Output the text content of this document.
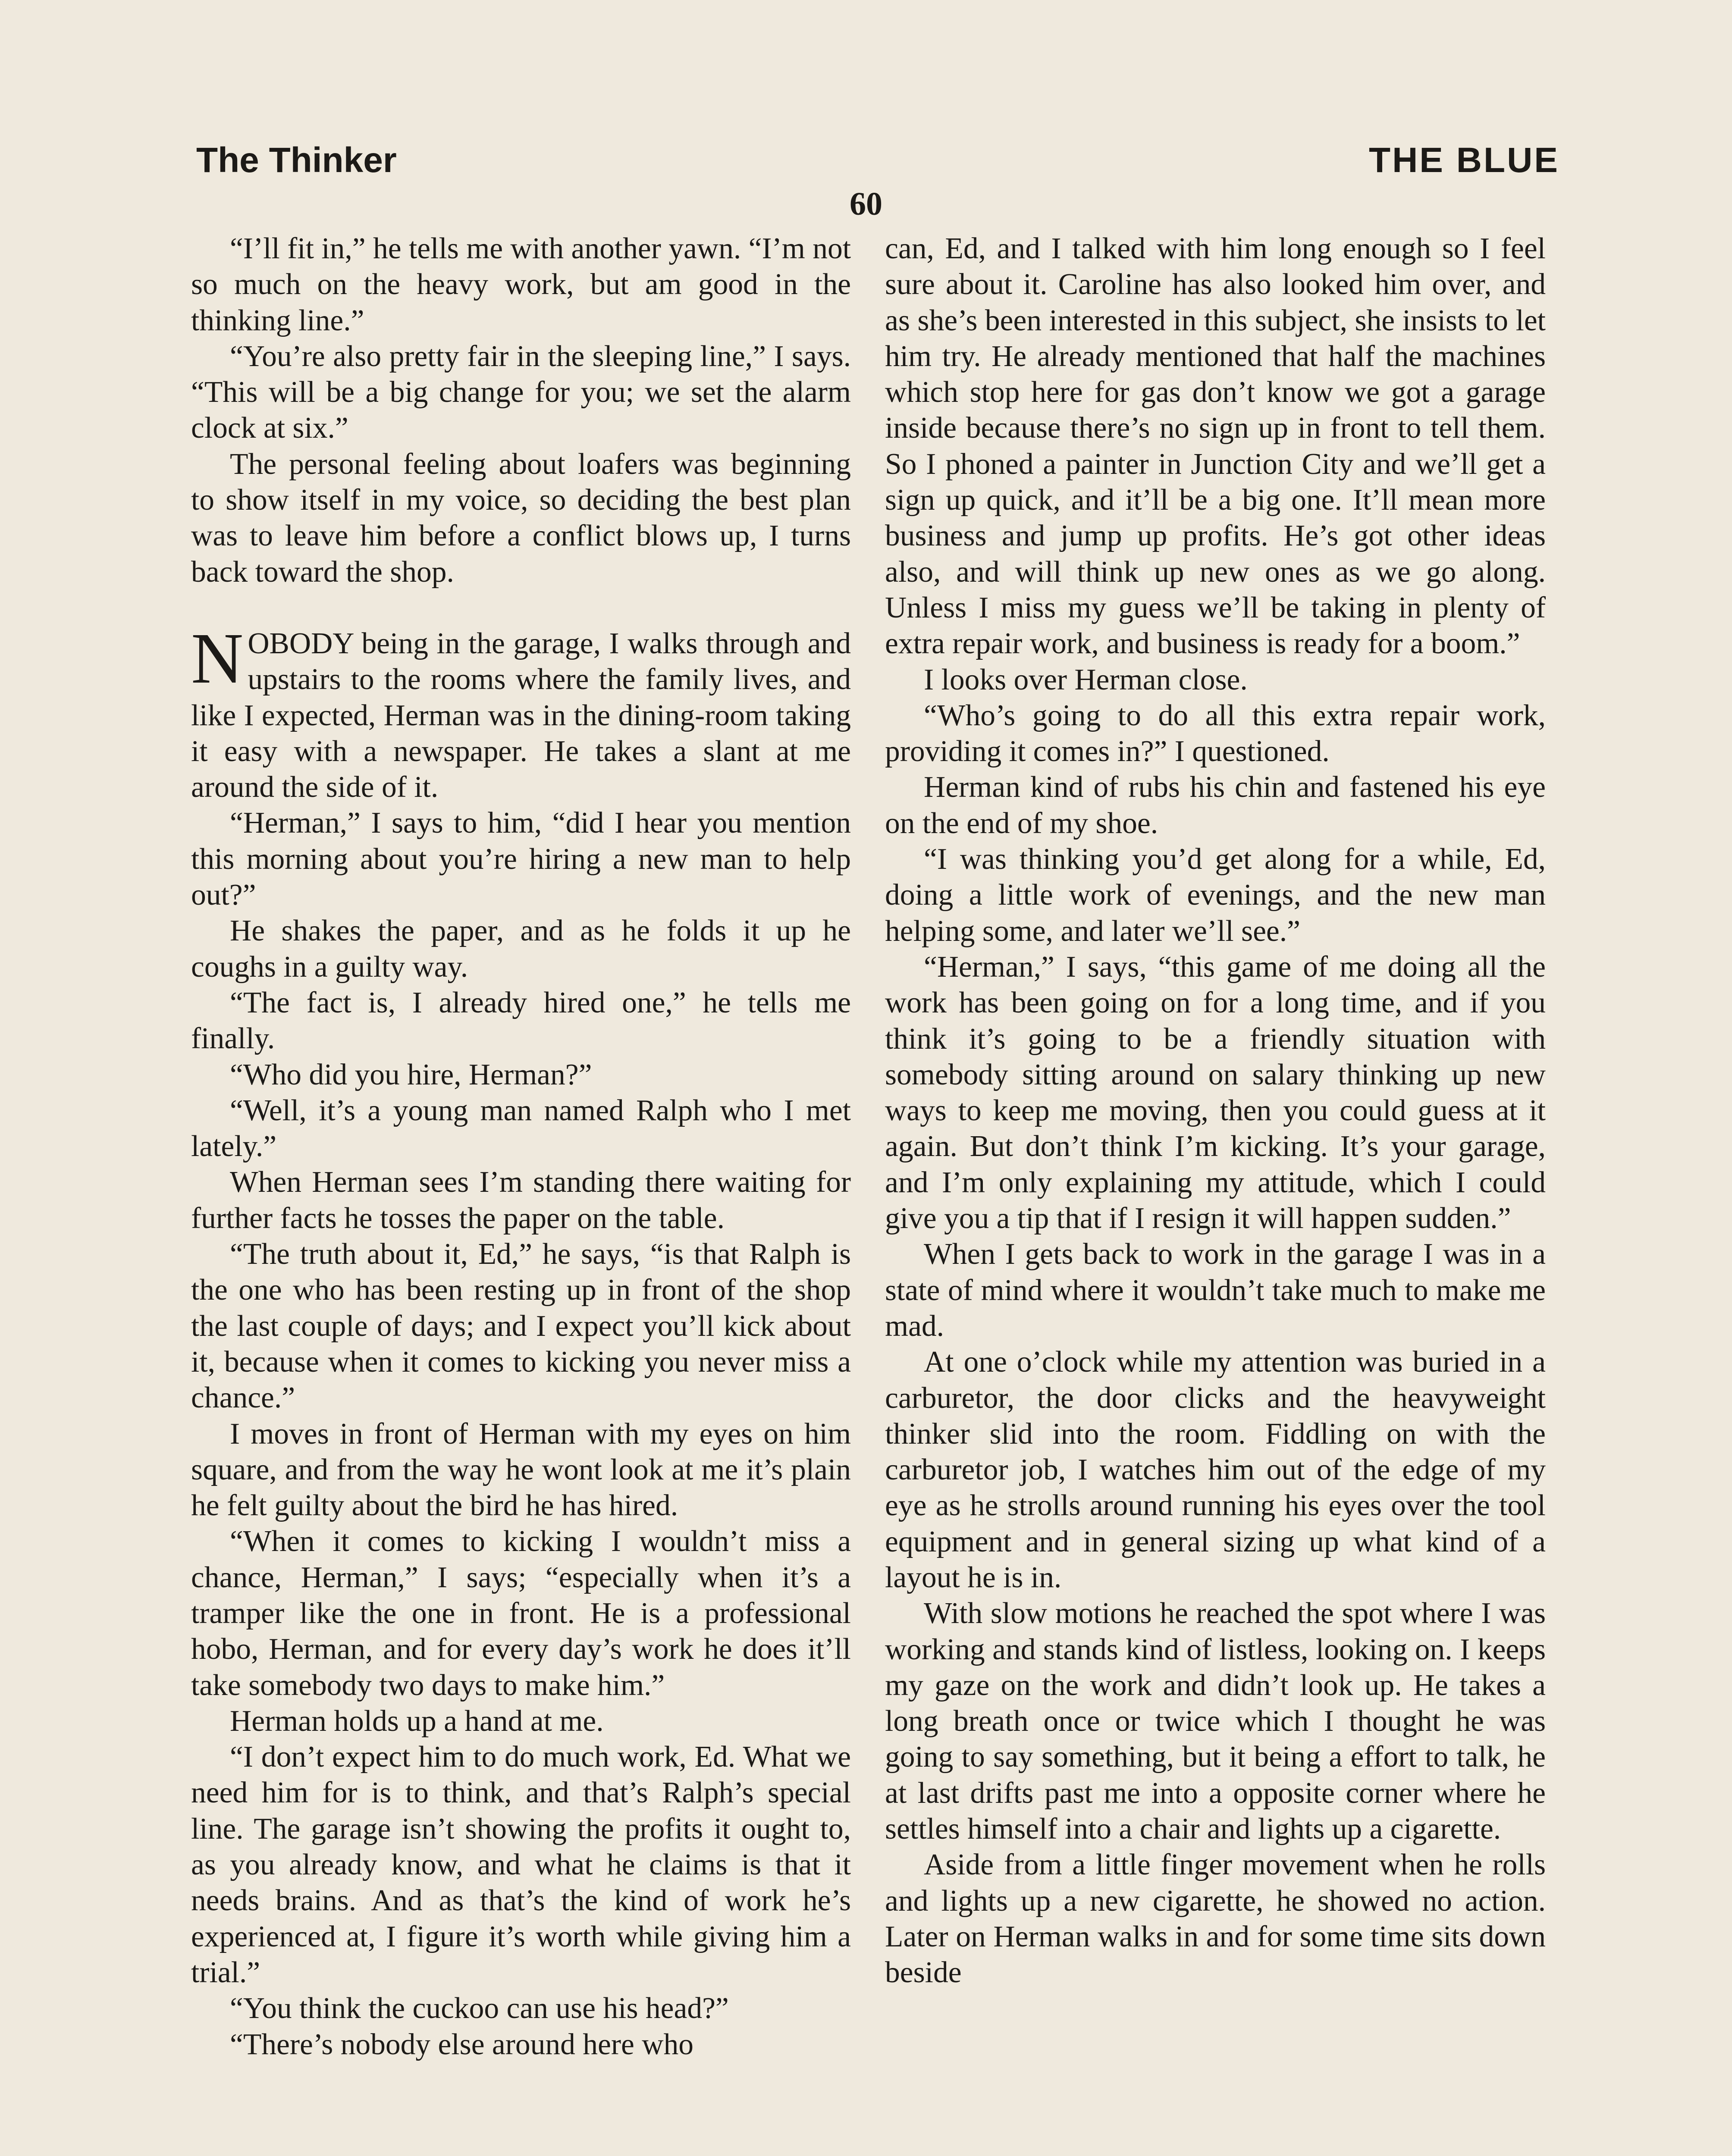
The Thinker	THE BLUE
60

“I’ll fit in,” he tells me with another yawn. “I’m not so much on the heavy work, but am good in the thinking line.”

“You’re also pretty fair in the sleeping line,” I says. “This will be a big change for you; we set the alarm clock at six.”

The personal feeling about loafers was beginning to show itself in my voice, so deciding the best plan was to leave him before a conflict blows up, I turns back toward the shop.

NOBODY being in the garage, I walks through and upstairs to the rooms where the family lives, and like I expected, Herman was in the dining-room taking it easy with a newspaper. He takes a slant at me around the side of it.

“Herman,” I says to him, “did I hear you mention this morning about you’re hiring a new man to help out?”

He shakes the paper, and as he folds it up he coughs in a guilty way.

“The fact is, I already hired one,” he tells me finally.

“Who did you hire, Herman?”

“Well, it’s a young man named Ralph who I met lately.”

When Herman sees I’m standing there waiting for further facts he tosses the paper on the table.

“The truth about it, Ed,” he says, “is that Ralph is the one who has been resting up in front of the shop the last couple of days; and I expect you’ll kick about it, because when it comes to kicking you never miss a chance.”

I moves in front of Herman with my eyes on him square, and from the way he wont look at me it’s plain he felt guilty about the bird he has hired.

“When it comes to kicking I wouldn’t miss a chance, Herman,” I says; “especially when it’s a tramper like the one in front. He is a professional hobo, Herman, and for every day’s work he does it’ll take somebody two days to make him.”

Herman holds up a hand at me.

“I don’t expect him to do much work, Ed. What we need him for is to think, and that’s Ralph’s special line. The garage isn’t showing the profits it ought to, as you already know, and what he claims is that it needs brains. And as that’s the kind of work he’s experienced at, I figure it’s worth while giving him a trial.”

“You think the cuckoo can use his head?”

“There’s nobody else around here who

can, Ed, and I talked with him long enough so I feel sure about it. Caroline has also looked him over, and as she’s been interested in this subject, she insists to let him try. He already mentioned that half the machines which stop here for gas don’t know we got a garage inside because there’s no sign up in front to tell them. So I phoned a painter in Junction City and we’ll get a sign up quick, and it’ll be a big one. It’ll mean more business and jump up profits. He’s got other ideas also, and will think up new ones as we go along. Unless I miss my guess we’ll be taking in plenty of extra repair work, and business is ready for a boom.”

I looks over Herman close.

“Who’s going to do all this extra repair work, providing it comes in?” I questioned.

Herman kind of rubs his chin and fastened his eye on the end of my shoe.

“I was thinking you’d get along for a while, Ed, doing a little work of evenings, and the new man helping some, and later we’ll see.”

“Herman,” I says, “this game of me doing all the work has been going on for a long time, and if you think it’s going to be a friendly situation with somebody sitting around on salary thinking up new ways to keep me moving, then you could guess at it again. But don’t think I’m kicking. It’s your garage, and I’m only explaining my attitude, which I could give you a tip that if I resign it will happen sudden.”

When I gets back to work in the garage I was in a state of mind where it wouldn’t take much to make me mad.

At one o’clock while my attention was buried in a carburetor, the door clicks and the heavyweight thinker slid into the room. Fiddling on with the carburetor job, I watches him out of the edge of my eye as he strolls around running his eyes over the tool equipment and in general sizing up what kind of a layout he is in.

With slow motions he reached the spot where I was working and stands kind of listless, looking on. I keeps my gaze on the work and didn’t look up. He takes a long breath once or twice which I thought he was going to say something, but it being a effort to talk, he at last drifts past me into a opposite corner where he settles himself into a chair and lights up a cigarette.

Aside from a little finger movement when he rolls and lights up a new cigarette, he showed no action. Later on Herman walks in and for some time sits down beside
